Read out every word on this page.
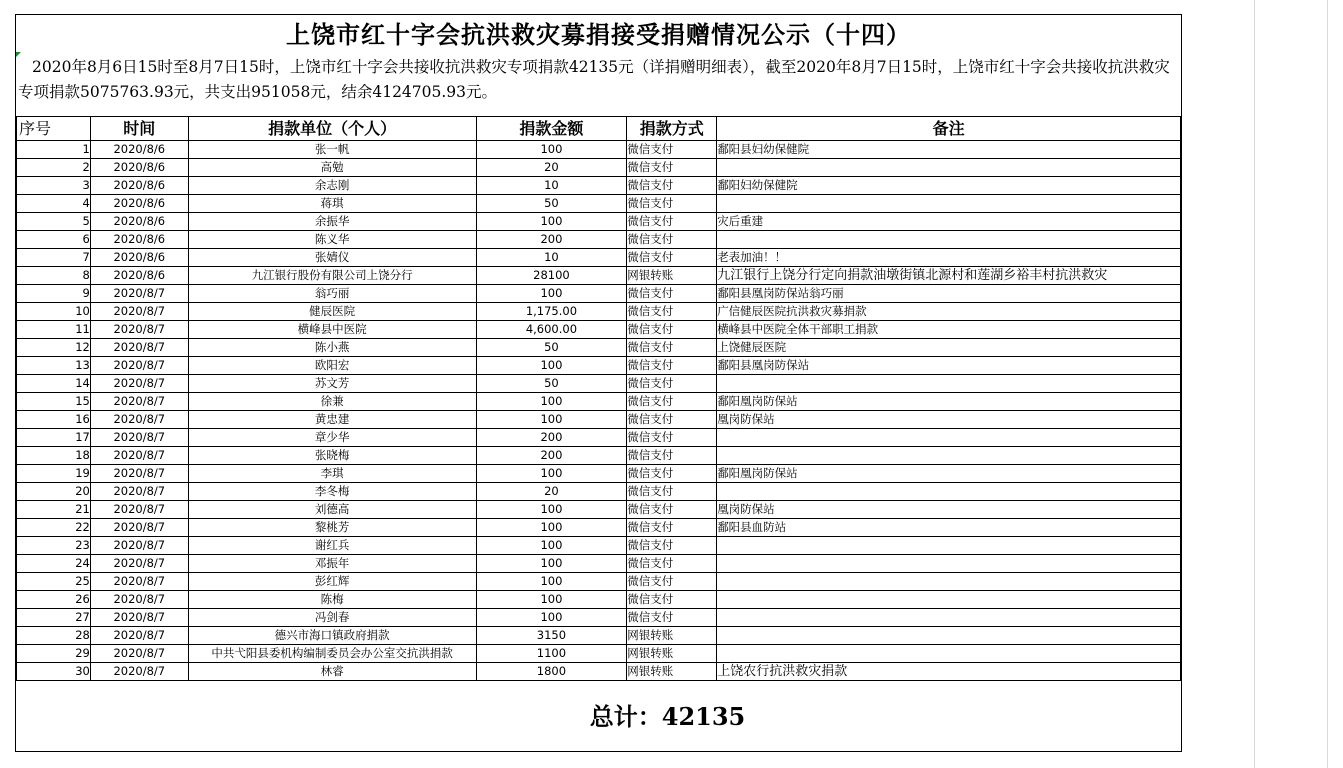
上饶市红十字会抗洪救灾募捐接受捐赠情况公示（十四）
2020年8月6日15时至8月7日15时，上饶市红十字会共接收抗洪救灾专项捐款42135元（详捐赠明细表），截至2020年8月7日15时，上饶市红十字会共接收抗洪救灾专项捐款5075763.93元，共支出951058元，结余4124705.93元。
序号	时间	捐款单位（个人）	捐款金额	捐款方式	备注
1	2020/8/6	张一帆	100	微信支付	鄱阳县妇幼保健院
2	2020/8/6	高勉	20	微信支付	
3	2020/8/6	余志刚	10	微信支付	鄱阳妇幼保健院
4	2020/8/6	蒋琪	50	微信支付	
5	2020/8/6	余振华	100	微信支付	灾后重建
6	2020/8/6	陈义华	200	微信支付	
7	2020/8/6	张婧仪	10	微信支付	老表加油！！
8	2020/8/6	九江银行股份有限公司上饶分行	28100	网银转账	九江银行上饶分行定向捐款油墩街镇北源村和莲湖乡裕丰村抗洪救灾
9	2020/8/7	翁巧丽	100	微信支付	鄱阳县凰岗防保站翁巧丽
10	2020/8/7	健辰医院	1,175.00	微信支付	广信健辰医院抗洪救灾募捐款
11	2020/8/7	横峰县中医院	4,600.00	微信支付	横峰县中医院全体干部职工捐款
12	2020/8/7	陈小燕	50	微信支付	上饶健辰医院
13	2020/8/7	欧阳宏	100	微信支付	鄱阳县凰岗防保站
14	2020/8/7	苏文芳	50	微信支付	
15	2020/8/7	徐兼	100	微信支付	鄱阳凰岗防保站
16	2020/8/7	黄忠建	100	微信支付	凰岗防保站
17	2020/8/7	章少华	200	微信支付	
18	2020/8/7	张晓梅	200	微信支付	
19	2020/8/7	李琪	100	微信支付	鄱阳凰岗防保站
20	2020/8/7	李冬梅	20	微信支付	
21	2020/8/7	刘德高	100	微信支付	凰岗防保站
22	2020/8/7	黎桃芳	100	微信支付	鄱阳县血防站
23	2020/8/7	谢红兵	100	微信支付	
24	2020/8/7	邓振年	100	微信支付	
25	2020/8/7	彭红辉	100	微信支付	
26	2020/8/7	陈梅	100	微信支付	
27	2020/8/7	冯剑春	100	微信支付	
28	2020/8/7	德兴市海口镇政府捐款	3150	网银转账	
29	2020/8/7	中共弋阳县委机构编制委员会办公室交抗洪捐款	1100	网银转账	
30	2020/8/7	林睿	1800	网银转账	上饶农行抗洪救灾捐款
总计：42135
